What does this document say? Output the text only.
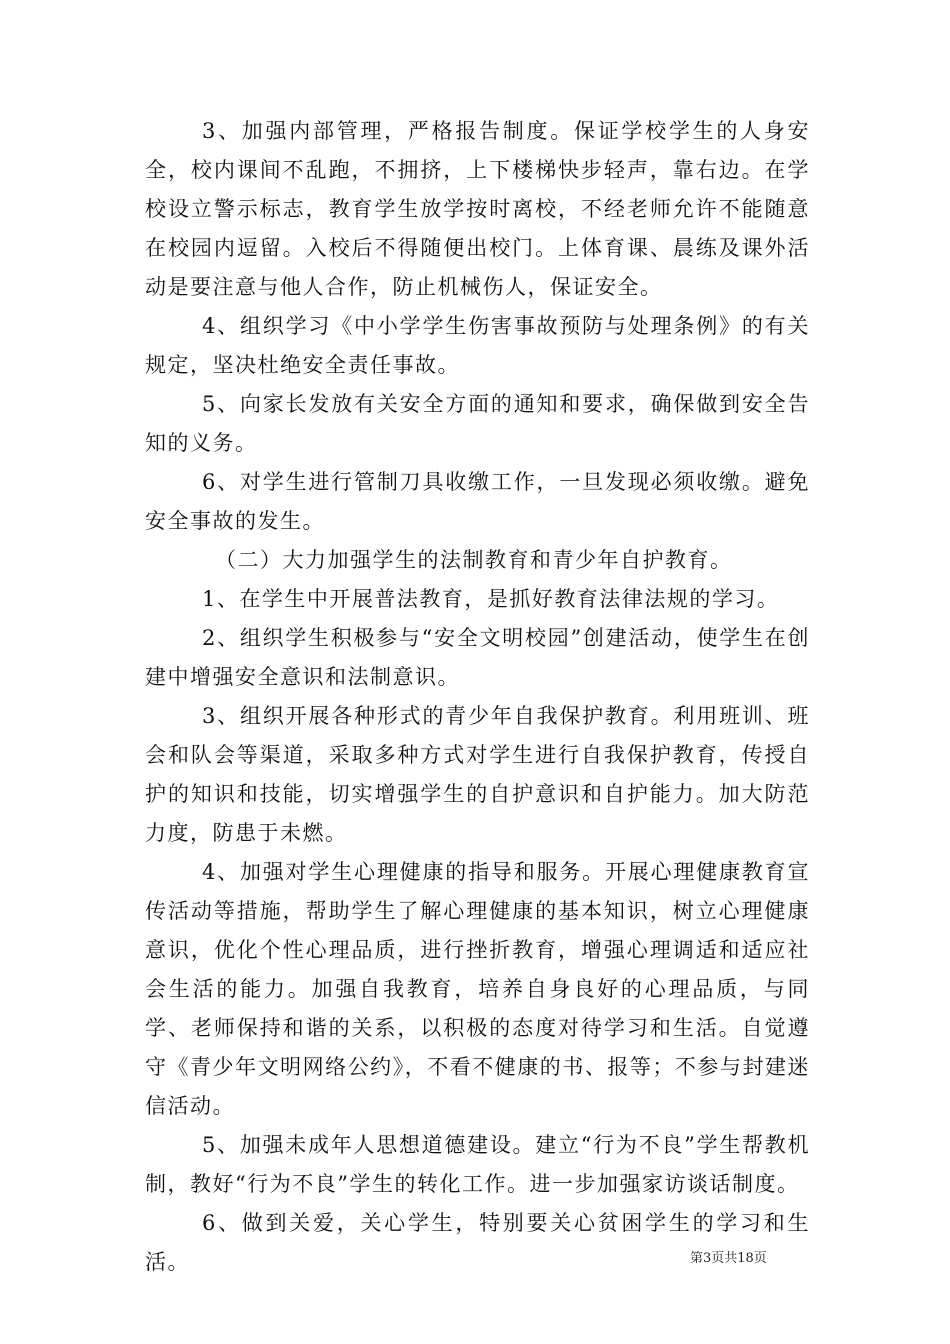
3、加强内部管理，严格报告制度。保证学校学生的人身安全，校内课间不乱跑，不拥挤，上下楼梯快步轻声，靠右边。在学校设立警示标志，教育学生放学按时离校，不经老师允许不能随意在校园内逗留。入校后不得随便出校门。上体育课、晨练及课外活动是要注意与他人合作，防止机械伤人，保证安全。

4、组织学习《中小学学生伤害事故预防与处理条例》的有关规定，坚决杜绝安全责任事故。

5、向家长发放有关安全方面的通知和要求，确保做到安全告知的义务。

6、对学生进行管制刀具收缴工作，一旦发现必须收缴。避免安全事故的发生。

（二）大力加强学生的法制教育和青少年自护教育。

1、在学生中开展普法教育，是抓好教育法律法规的学习。

2、组织学生积极参与“安全文明校园”创建活动，使学生在创建中增强安全意识和法制意识。

3、组织开展各种形式的青少年自我保护教育。利用班训、班会和队会等渠道，采取多种方式对学生进行自我保护教育，传授自护的知识和技能，切实增强学生的自护意识和自护能力。加大防范力度，防患于未燃。

4、加强对学生心理健康的指导和服务。开展心理健康教育宣传活动等措施，帮助学生了解心理健康的基本知识，树立心理健康意识，优化个性心理品质，进行挫折教育，增强心理调适和适应社会生活的能力。加强自我教育，培养自身良好的心理品质，与同学、老师保持和谐的关系，以积极的态度对待学习和生活。自觉遵守《青少年文明网络公约》，不看不健康的书、报等；不参与封建迷信活动。

5、加强未成年人思想道德建设。建立“行为不良”学生帮教机制，教好“行为不良”学生的转化工作。进一步加强家访谈话制度。

6、做到关爱，关心学生，特别要关心贫困学生的学习和生活。	第3页共18页
